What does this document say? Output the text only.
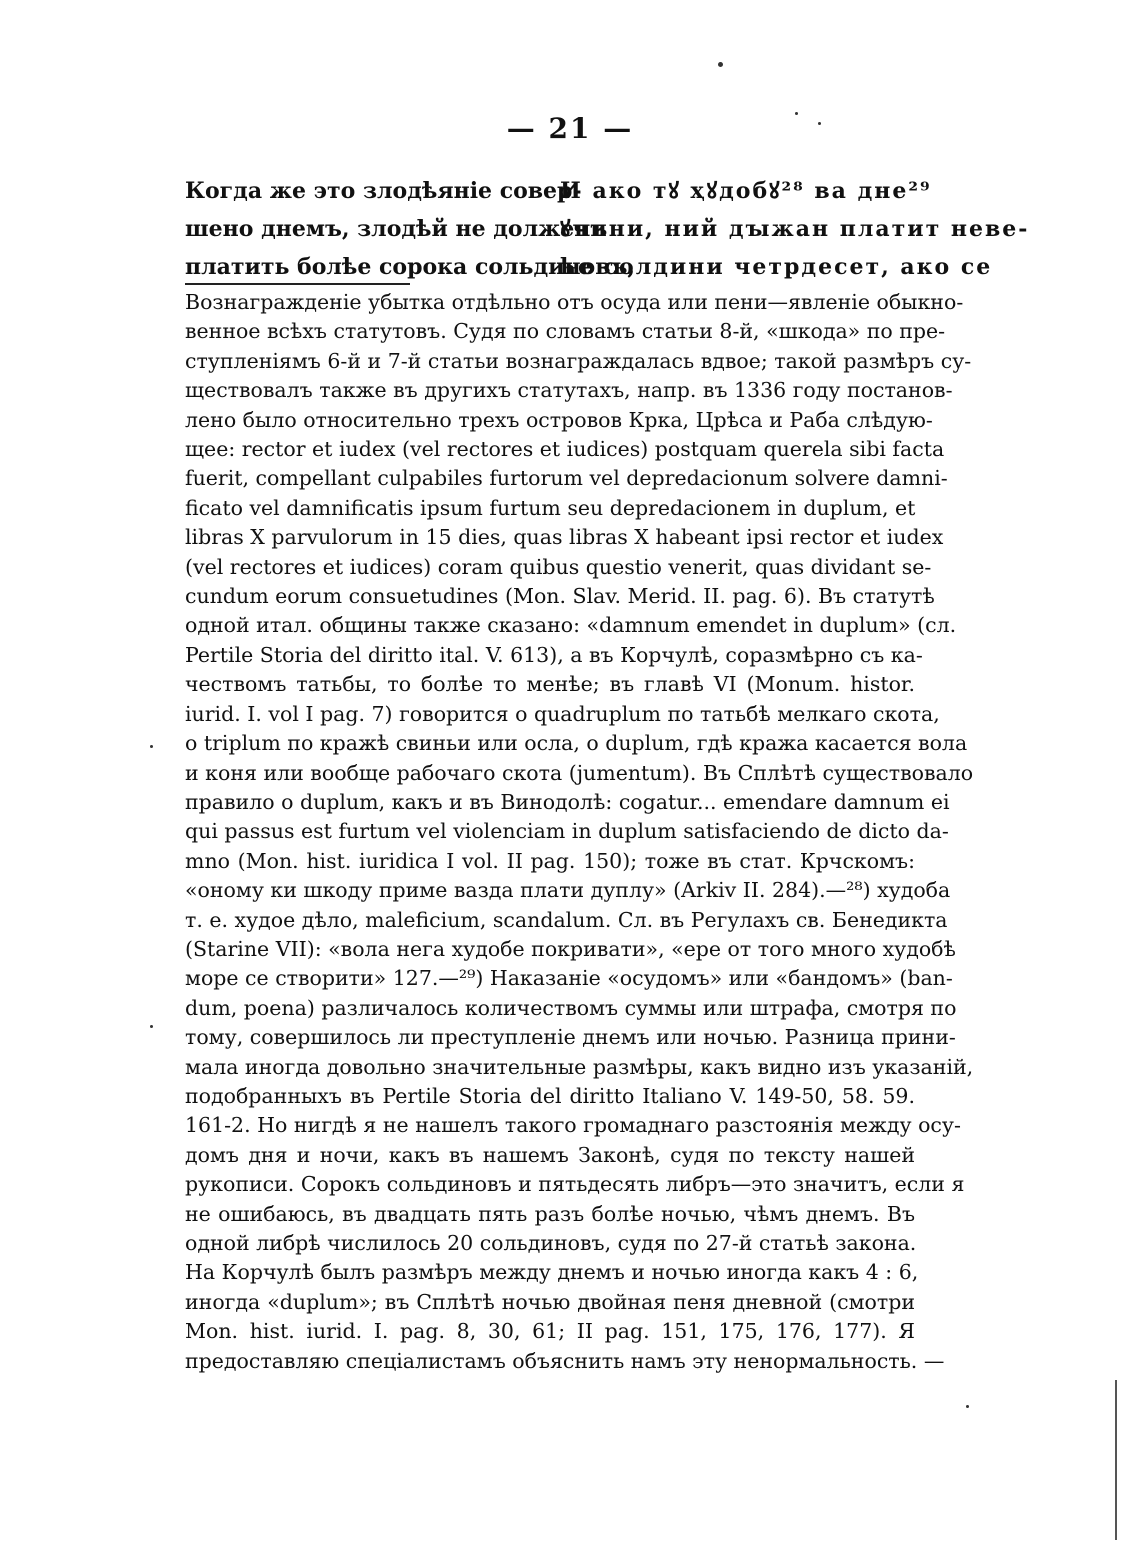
— 21 —
Когда же это злодѣяніе совер-
шено днемъ, злодѣй не долженъ
платить болѣе сорока сольдиновъ,
И ако тꙋ ҳꙋдобꙋ²⁸ ва дне²⁹
ꙋчини, ний дꙑжан платит неве-
ћe солдини четрдесет, ако се
Вознагражденіе убытка отдѣльно отъ осуда или пени—явленіе обыкно-
венное всѣхъ статутовъ. Судя по словамъ статьи 8-й, «шкода» по пре-
ступленіямъ 6-й и 7-й статьи вознаграждалась вдвое; такой размѣръ су-
ществовалъ также въ другихъ статутахъ, напр. въ 1336 году постанов-
лено было относительно трехъ островов Крка, Црѣса и Раба слѣдую-
щее: rector et iudex (vel rectores et iudices) postquam querela sibi facta
fuerit, compellant culpabiles furtorum vel depredacionum solvere damni-
ficato vel damnificatis ipsum furtum seu depredacionem in duplum, et
libras X parvulorum in 15 dies, quas libras X habeant ipsi rector et iudex
(vel rectores et iudices) coram quibus questio venerit, quas dividant se-
cundum eorum consuetudines (Mon. Slav. Merid. II. pag. 6). Въ статутѣ
одной итал. общины также сказано: «damnum emendet in duplum» (сл.
Pertile Storia del diritto ital. V. 613), а въ Корчулѣ, соразмѣрно съ ка-
чествомъ татьбы, то болѣе то менѣе; въ главѣ VI (Monum. histor.
iurid. I. vol I pag. 7) говорится о quadruplum по татьбѣ мелкаго скота,
о triplum по кражѣ свиньи или осла, о duplum, гдѣ кража касается вола
и коня или вообще рабочаго скота (jumentum). Въ Сплѣтѣ существовало
правило о duplum, какъ и въ Винодолѣ: cogatur... emendare damnum ei
qui passus est furtum vel violenciam in duplum satisfaciendo de dicto da-
mno (Mon. hist. iuridica I vol. II pag. 150); тоже въ стат. Крчскомъ:
«оному ки шкоду приме вазда плати дуплу» (Arkiv II. 284).—²⁸) худоба
т. е. худое дѣло, maleficium, scandalum. Сл. въ Регулахъ св. Бенедикта
(Starine VII): «вола нега худобе покривати», «ере от того много худобѣ
море се створити» 127.—²⁹) Наказаніе «осудомъ» или «бандомъ» (ban-
dum, poena) различалось количествомъ суммы или штрафа, смотря по
тому, совершилось ли преступленіе днемъ или ночью. Разница прини-
мала иногда довольно значительные размѣры, какъ видно изъ указаній,
подобранныхъ въ Pertile Storia del diritto Italiano V. 149-50, 58. 59.
161-2. Но нигдѣ я не нашелъ такого громаднаго разстоянія между осу-
домъ дня и ночи, какъ въ нашемъ Законѣ, судя по тексту нашей
рукописи. Сорокъ сольдиновъ и пятьдесять либръ—это значитъ, если я
не ошибаюсь, въ двадцать пять разъ болѣе ночью, чѣмъ днемъ. Въ
одной либрѣ числилось 20 сольдиновъ, судя по 27-й статьѣ закона.
На Корчулѣ былъ размѣръ между днемъ и ночью иногда какъ 4 : 6,
иногда «duplum»; въ Сплѣтѣ ночью двойная пеня дневной (смотри
Mon. hist. iurid. I. pag. 8, 30, 61; II pag. 151, 175, 176, 177). Я
предоставляю спеціалистамъ объяснить намъ эту ненормальность. —
